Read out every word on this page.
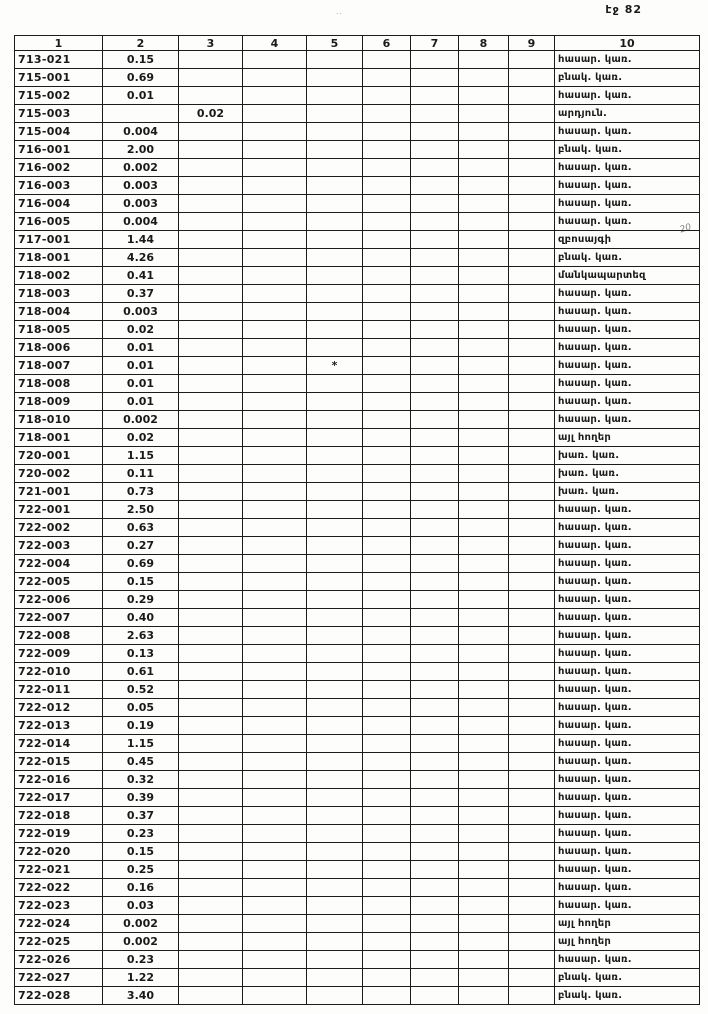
··	էջ 82
20
1	2	3	4	5	6	7	8	9	10
713-021	0.15								հասար. կառ.
715-001	0.69								բնակ. կառ.
715-002	0.01								հասար. կառ.
715-003		0.02							արդյուն.
715-004	0.004								հասար. կառ.
716-001	2.00								բնակ. կառ.
716-002	0.002								հասար. կառ.
716-003	0.003								հասար. կառ.
716-004	0.003								հասար. կառ.
716-005	0.004								հասար. կառ.
717-001	1.44								զբոսայգի
718-001	4.26								բնակ. կառ.
718-002	0.41								մանկապարտեզ
718-003	0.37								հասար. կառ.
718-004	0.003								հասար. կառ.
718-005	0.02								հասար. կառ.
718-006	0.01								հասար. կառ.
718-007	0.01			*					հասար. կառ.
718-008	0.01								հասար. կառ.
718-009	0.01								հասար. կառ.
718-010	0.002								հասար. կառ.
718-001	0.02								այլ հողեր
720-001	1.15								խառ. կառ.
720-002	0.11								խառ. կառ.
721-001	0.73								խառ. կառ.
722-001	2.50								հասար. կառ.
722-002	0.63								հասար. կառ.
722-003	0.27								հասար. կառ.
722-004	0.69								հասար. կառ.
722-005	0.15								հասար. կառ.
722-006	0.29								հասար. կառ.
722-007	0.40								հասար. կառ.
722-008	2.63								հասար. կառ.
722-009	0.13								հասար. կառ.
722-010	0.61								հասար. կառ.
722-011	0.52								հասար. կառ.
722-012	0.05								հասար. կառ.
722-013	0.19								հասար. կառ.
722-014	1.15								հասար. կառ.
722-015	0.45								հասար. կառ.
722-016	0.32								հասար. կառ.
722-017	0.39								հասար. կառ.
722-018	0.37								հասար. կառ.
722-019	0.23								հասար. կառ.
722-020	0.15								հասար. կառ.
722-021	0.25								հասար. կառ.
722-022	0.16								հասար. կառ.
722-023	0.03								հասար. կառ.
722-024	0.002								այլ հողեր
722-025	0.002								այլ հողեր
722-026	0.23								հասար. կառ.
722-027	1.22								բնակ. կառ.
722-028	3.40								բնակ. կառ.
